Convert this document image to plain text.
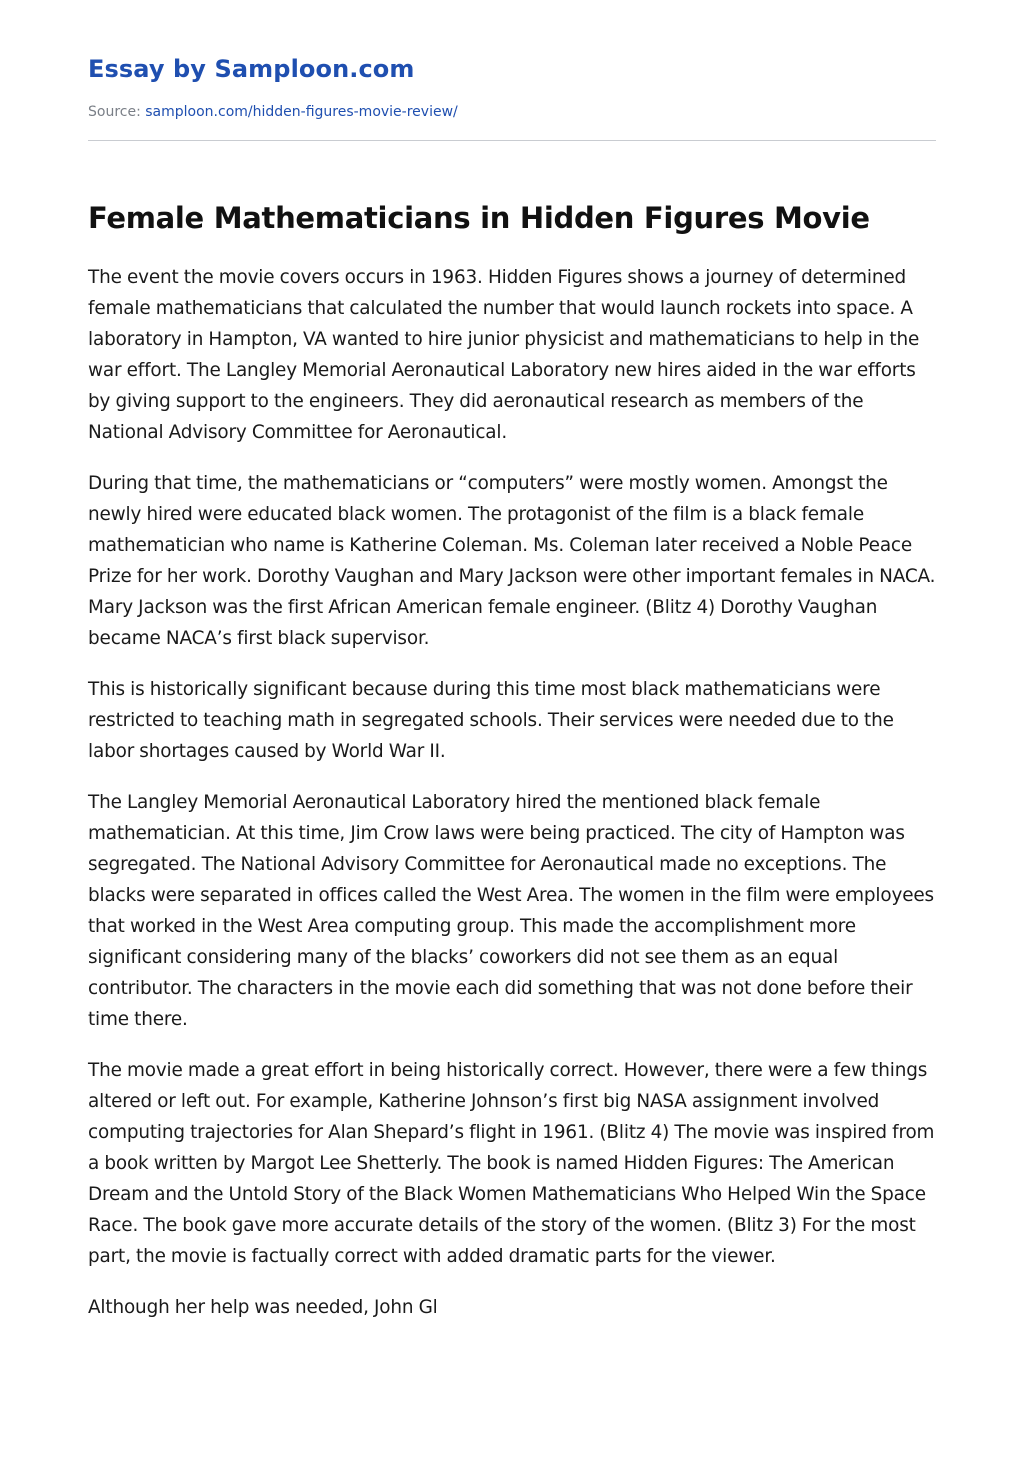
Essay by Samploon.com
Source: samploon.com/hidden-figures-movie-review/
Female Mathematicians in Hidden Figures Movie

The event the movie covers occurs in 1963. Hidden Figures shows a journey of determined female mathematicians that calculated the number that would launch rockets into space. A laboratory in Hampton, VA wanted to hire junior physicist and mathematicians to help in the war effort. The Langley Memorial Aeronautical Laboratory new hires aided in the war efforts by giving support to the engineers. They did aeronautical research as members of the National Advisory Committee for Aeronautical.

During that time, the mathematicians or “computers” were mostly women. Amongst the newly hired were educated black women. The protagonist of the film is a black female mathematician who name is Katherine Coleman. Ms. Coleman later received a Noble Peace Prize for her work. Dorothy Vaughan and Mary Jackson were other important females in NACA. Mary Jackson was the first African American female engineer. (Blitz 4) Dorothy Vaughan became NACA’s first black supervisor.

This is historically significant because during this time most black mathematicians were restricted to teaching math in segregated schools. Their services were needed due to the labor shortages caused by World War II.

The Langley Memorial Aeronautical Laboratory hired the mentioned black female mathematician. At this time, Jim Crow laws were being practiced. The city of Hampton was segregated. The National Advisory Committee for Aeronautical made no exceptions. The blacks were separated in offices called the West Area. The women in the film were employees that worked in the West Area computing group. This made the accomplishment more significant considering many of the blacks’ coworkers did not see them as an equal contributor. The characters in the movie each did something that was not done before their time there.

The movie made a great effort in being historically correct. However, there were a few things altered or left out. For example, Katherine Johnson’s first big NASA assignment involved computing trajectories for Alan Shepard’s flight in 1961. (Blitz 4) The movie was inspired from a book written by Margot Lee Shetterly. The book is named Hidden Figures: The American Dream and the Untold Story of the Black Women Mathematicians Who Helped Win the Space Race. The book gave more accurate details of the story of the women. (Blitz 3) For the most part, the movie is factually correct with added dramatic parts for the viewer.

Although her help was needed, John Gl
